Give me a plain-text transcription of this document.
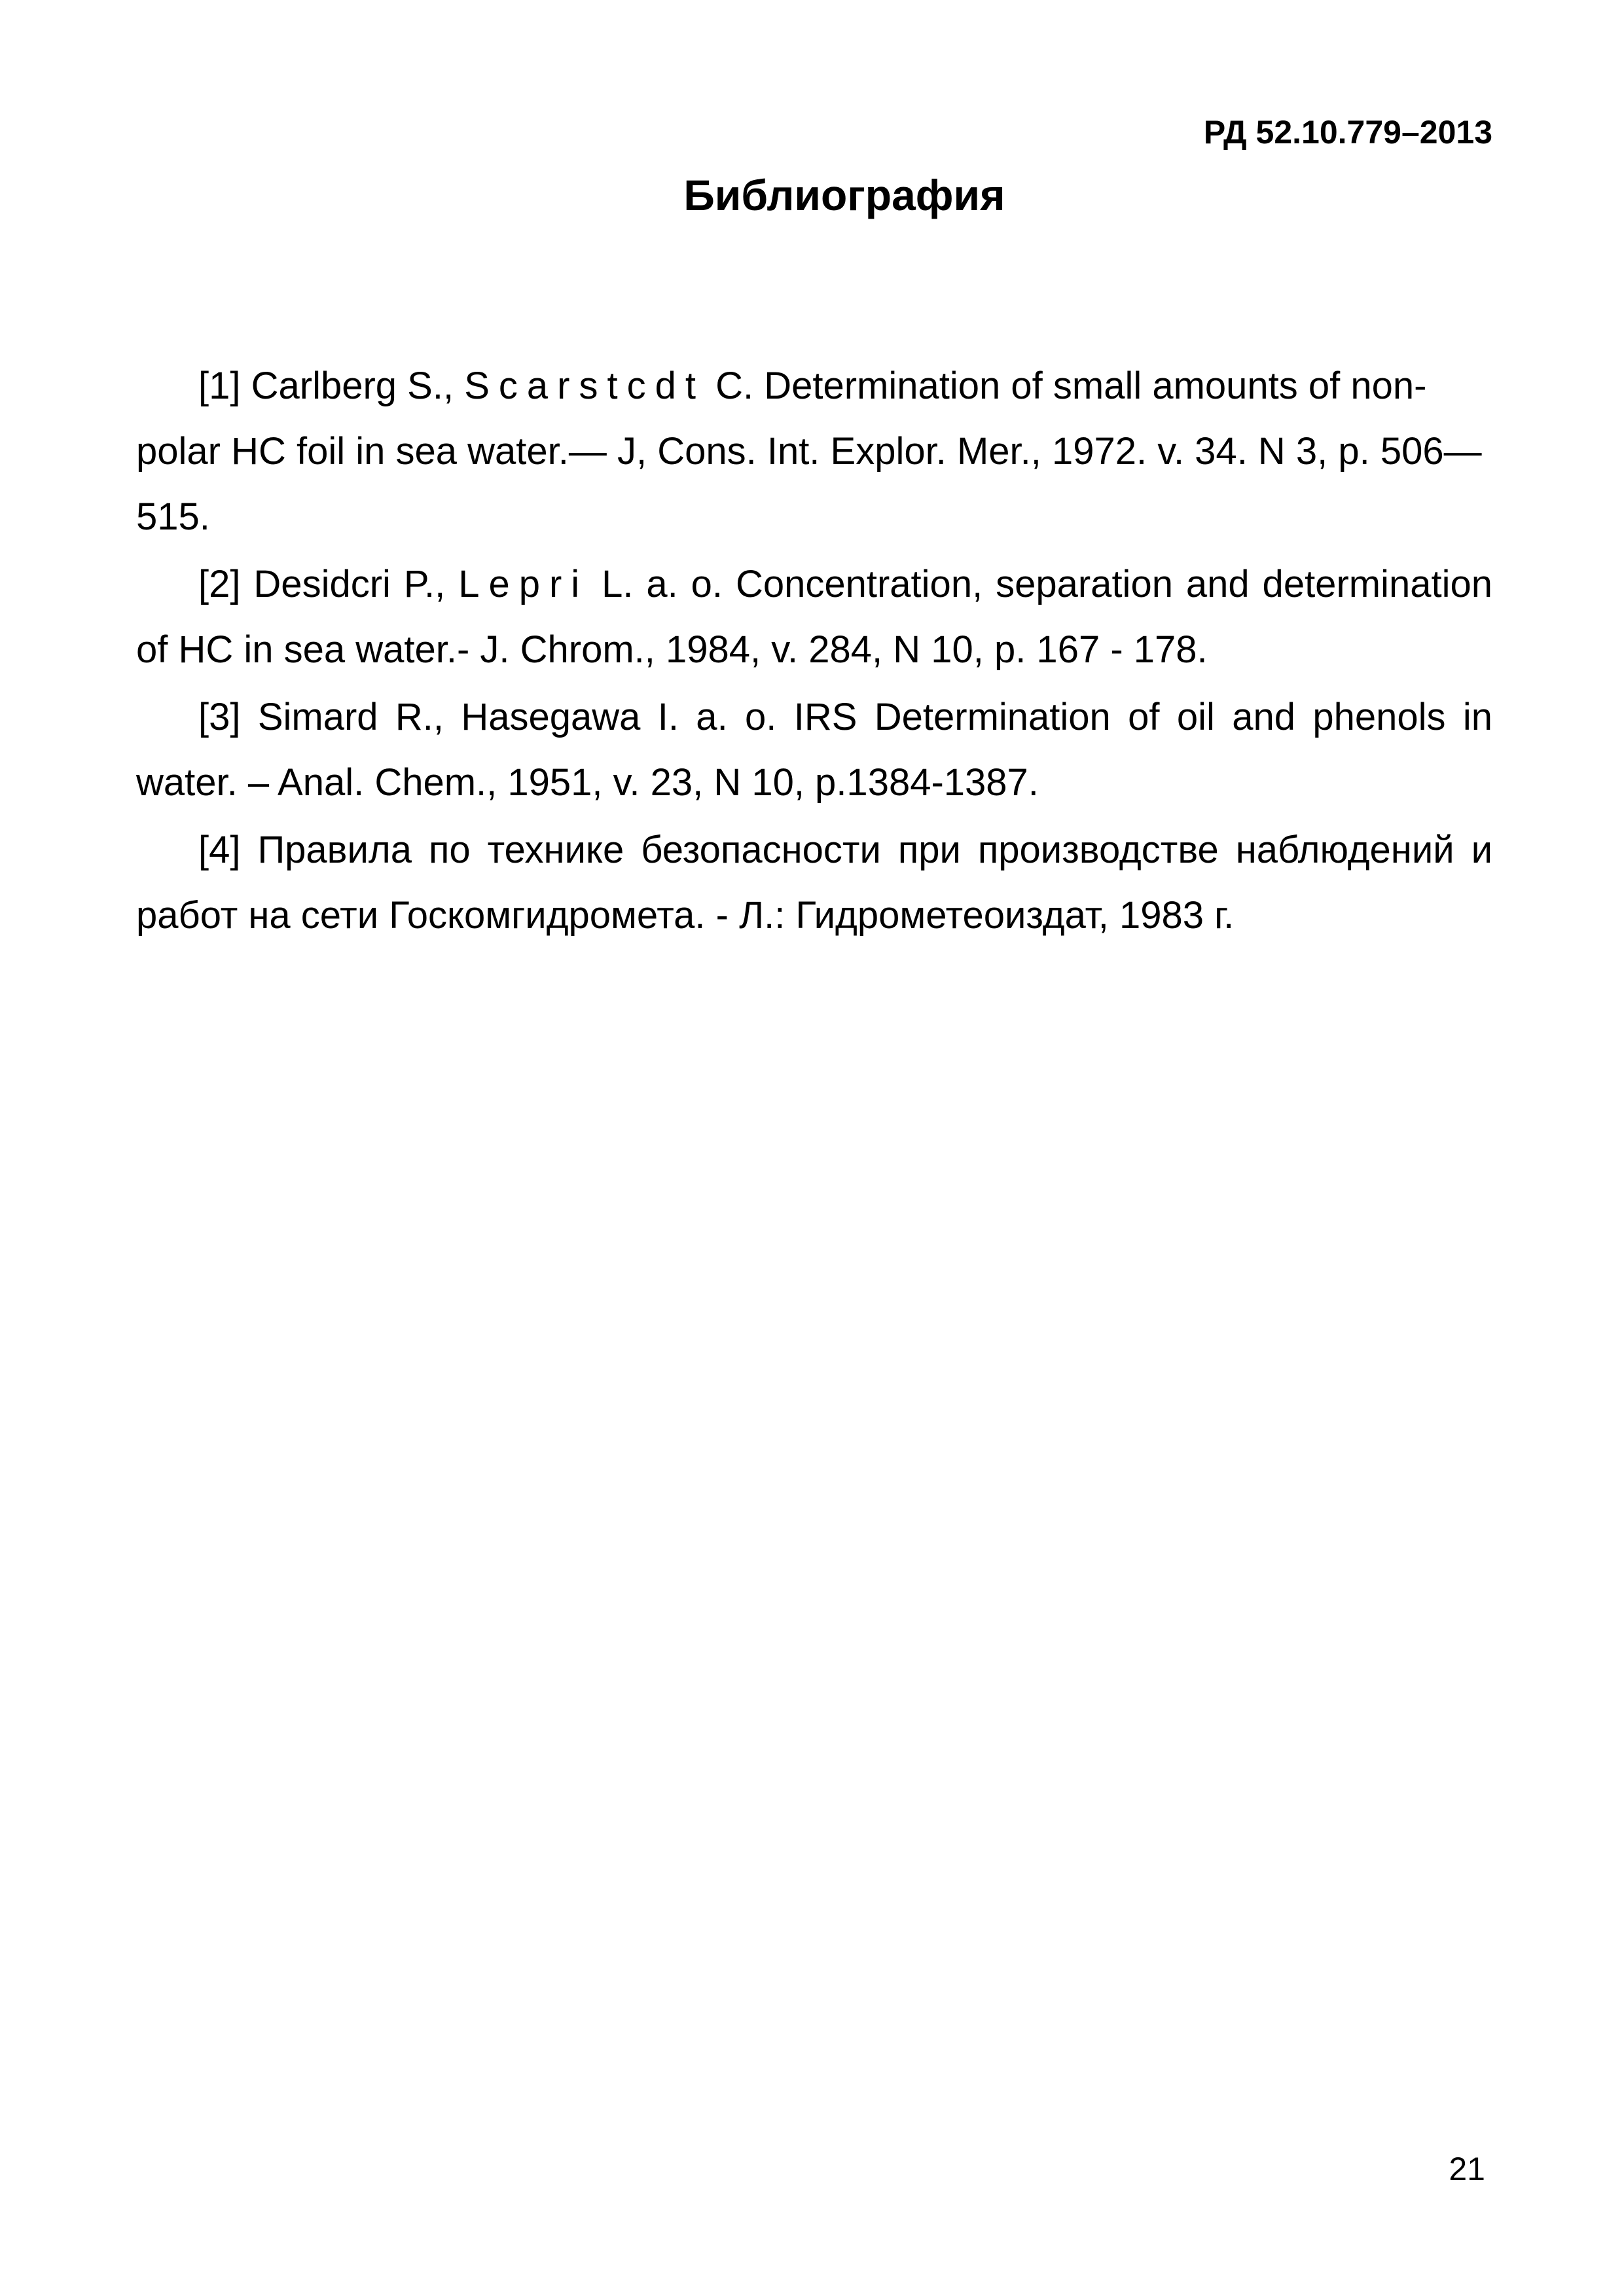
РД 52.10.779–2013
Библиография

[1] Carlberg S., Scarstcdt C. Determination of small amounts of non-polar HC foil in sea water.— J, Cons. Int. Explor. Mer., 1972. v. 34. N 3, p. 506—515.

[2] Desidcri P., Lepri L. a. o. Concentration, separation and determination of HC in sea water.- J. Chrom., 1984, v. 284, N 10, p. 167 - 178.

[3] Simard R., Hasegawa I. a. o. IRS Determination of oil and phenols in water. – Anal. Chem., 1951, v. 23, N 10, p.1384-1387.

[4] Правила по технике безопасности при производстве наблюдений и работ на сети Госкомгидромета. - Л.: Гидрометеоиздат, 1983 г.

21
